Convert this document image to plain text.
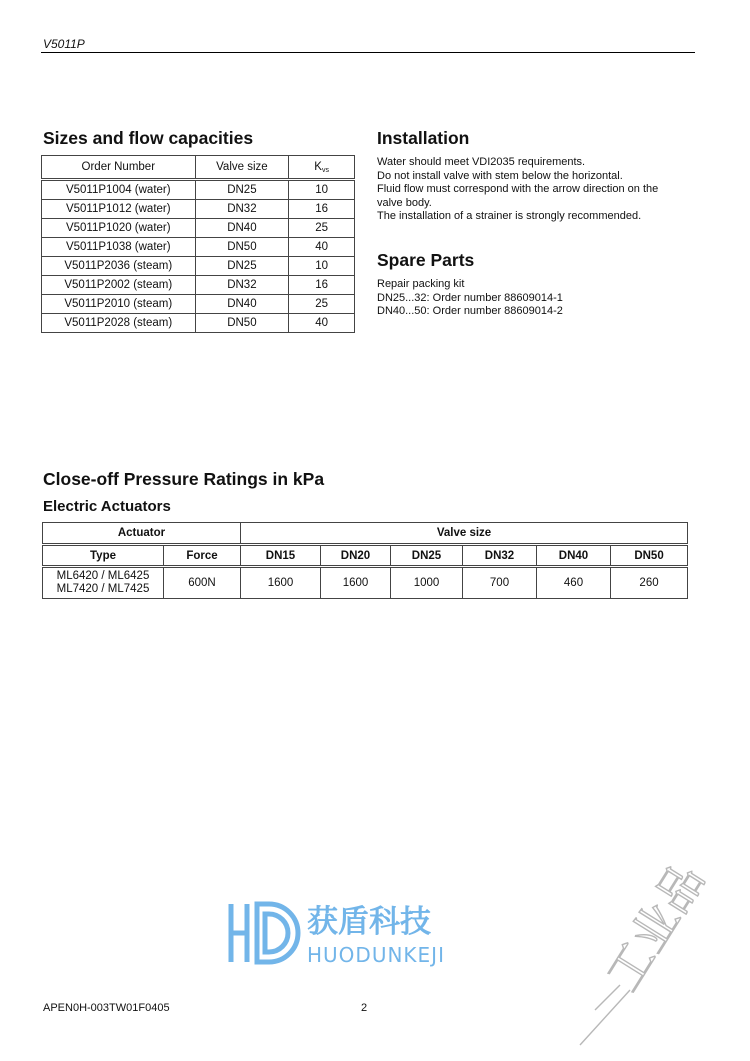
V5011P
Sizes and flow capacities
Order Number	Valve size	$K_{vs}$
V5011P1004 (water)	DN25	10
V5011P1012 (water)	DN32	16
V5011P1020 (water)	DN40	25
V5011P1038 (water)	DN50	40
V5011P2036 (steam)	DN25	10
V5011P2002 (steam)	DN32	16
V5011P2010 (steam)	DN40	25
V5011P2028 (steam)	DN50	40
Installation
Water should meet VDI2035 requirements.
Do not install valve with stem below the horizontal.
Fluid flow must correspond with the arrow direction on the
valve body.
The installation of a strainer is strongly recommended.
Spare Parts
Repair packing kit
DN25...32: Order number 88609014-1
DN40...50: Order number 88609014-2
Close-off Pressure Ratings in kPa
Electric Actuators
Actuator		Valve size					
Type	Force	DN15	DN20	DN25	DN32	DN40	DN50

ML6420 / ML6425
ML7420 / ML7425	600N	1600	1600	1000	700	460	260
获盾科技
HUODUNKEJI	工业品
APEN0H-003TW01F0405	2
